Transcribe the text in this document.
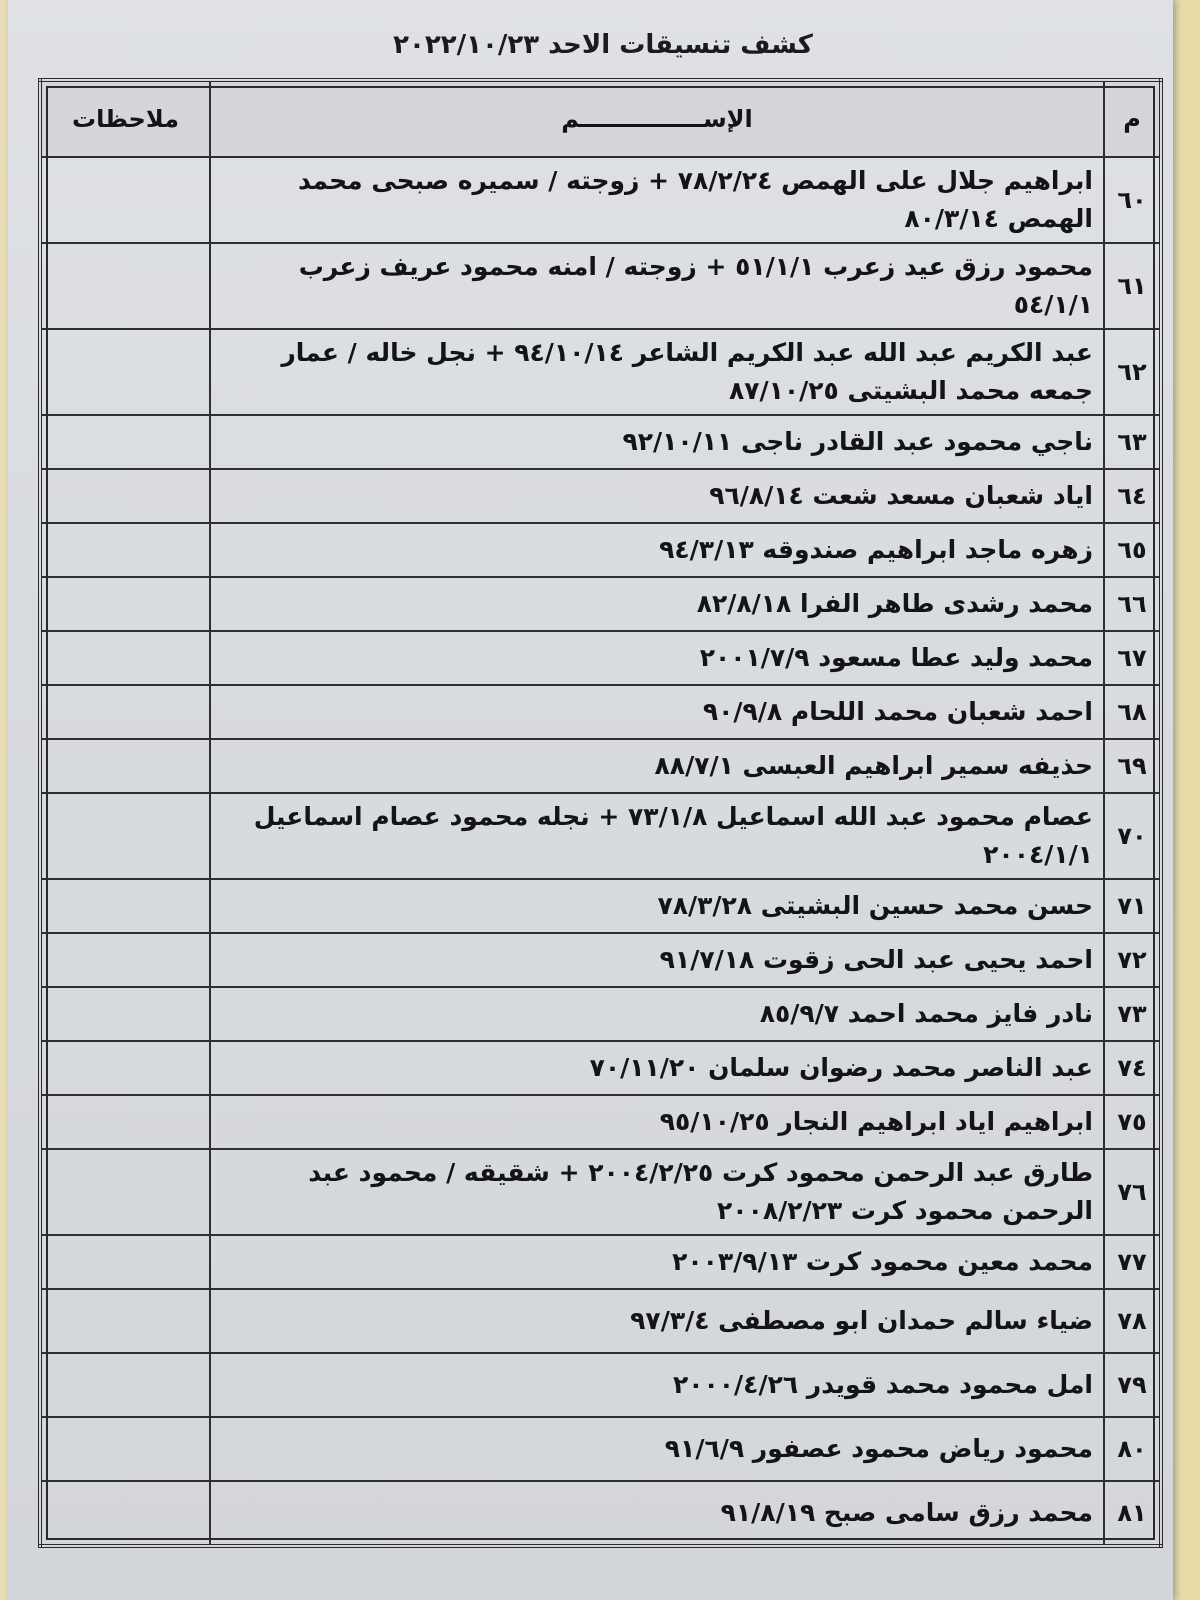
كشف تنسيقات الاحد ٢٠٢٢/١٠/٢٣
م	الإســـــــــــــــم	ملاحظات
٦٠	ابراهيم جلال على الهمص ٧٨/٢/٢٤ + زوجته / سميره صبحى محمد الهمص ٨٠/٣/١٤	
٦١	محمود رزق عيد زعرب ٥١/١/١ + زوجته / امنه محمود عريف زعرب ٥٤/١/١	
٦٢	عبد الكريم عبد الله عبد الكريم الشاعر ٩٤/١٠/١٤ + نجل خاله / عمار جمعه محمد البشيتى ٨٧/١٠/٢٥	
٦٣	ناجي محمود عبد القادر ناجى ٩٢/١٠/١١	
٦٤	اياد شعبان مسعد شعت ٩٦/٨/١٤	
٦٥	زهره ماجد ابراهيم صندوقه ٩٤/٣/١٣	
٦٦	محمد رشدى طاهر الفرا ٨٢/٨/١٨	
٦٧	محمد وليد عطا مسعود ٢٠٠١/٧/٩	
٦٨	احمد شعبان محمد اللحام ٩٠/٩/٨	
٦٩	حذيفه سمير ابراهيم العبسى ٨٨/٧/١	
٧٠	عصام محمود عبد الله اسماعيل ٧٣/١/٨ + نجله محمود عصام اسماعيل ٢٠٠٤/١/١	
٧١	حسن محمد حسين البشيتى ٧٨/٣/٢٨	
٧٢	احمد يحيى عبد الحى زقوت ٩١/٧/١٨	
٧٣	نادر فايز محمد احمد ٨٥/٩/٧	
٧٤	عبد الناصر محمد رضوان سلمان ٧٠/١١/٢٠	
٧٥	ابراهيم اياد ابراهيم النجار ٩٥/١٠/٢٥	
٧٦	طارق عبد الرحمن محمود كرت ٢٠٠٤/٢/٢٥ + شقيقه / محمود عبد الرحمن محمود كرت ٢٠٠٨/٢/٢٣	
٧٧	محمد معين محمود كرت ٢٠٠٣/٩/١٣	
٧٨	ضياء سالم حمدان ابو مصطفى ٩٧/٣/٤	
٧٩	امل محمود محمد قويدر ٢٠٠٠/٤/٢٦	
٨٠	محمود رياض محمود عصفور ٩١/٦/٩	
٨١	محمد رزق سامى صبح ٩١/٨/١٩	
